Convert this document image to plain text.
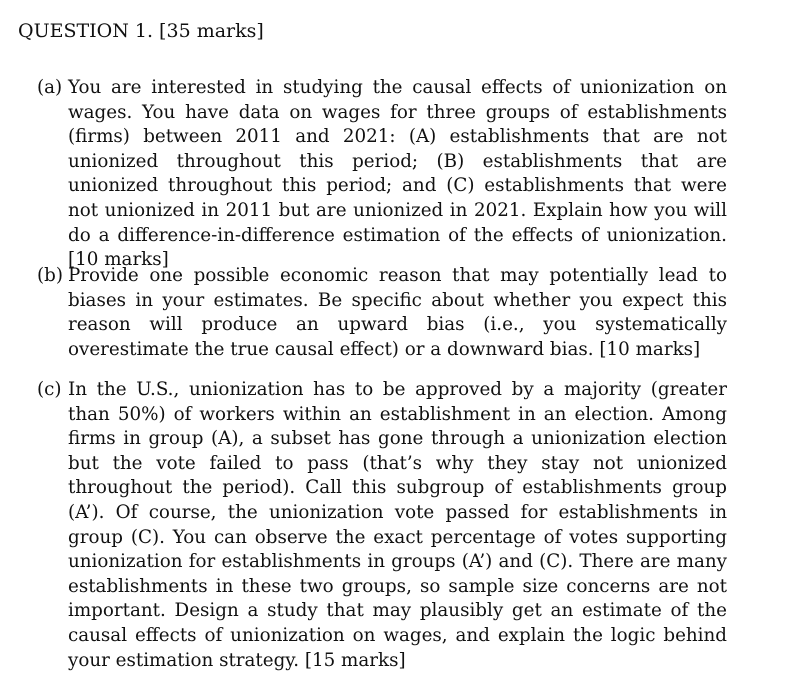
QUESTION 1. [35 marks]
(a) You are interested in studying the causal effects of unionization on wages. You have data on wages for three groups of establishments (firms) between 2011 and 2021: (A) establishments that are not unionized throughout this period; (B) establishments that are unionized throughout this period; and (C) establishments that were not unionized in 2011 but are unionized in 2021. Explain how you will do a difference-in-difference estimation of the effects of unionization. [10 marks]
(b) Provide one possible economic reason that may potentially lead to biases in your estimates. Be specific about whether you expect this reason will produce an upward bias (i.e., you systematically overestimate the true causal effect) or a downward bias. [10 marks]
(c) In the U.S., unionization has to be approved by a majority (greater than 50%) of workers within an establishment in an election. Among firms in group (A), a subset has gone through a unionization election but the vote failed to pass (that’s why they stay not unionized throughout the period). Call this subgroup of establishments group (A’). Of course, the unionization vote passed for establishments in group (C). You can observe the exact percentage of votes supporting unionization for establishments in groups (A’) and (C). There are many establishments in these two groups, so sample size concerns are not important. Design a study that may plausibly get an estimate of the causal effects of unionization on wages, and explain the logic behind your estimation strategy. [15 marks]
